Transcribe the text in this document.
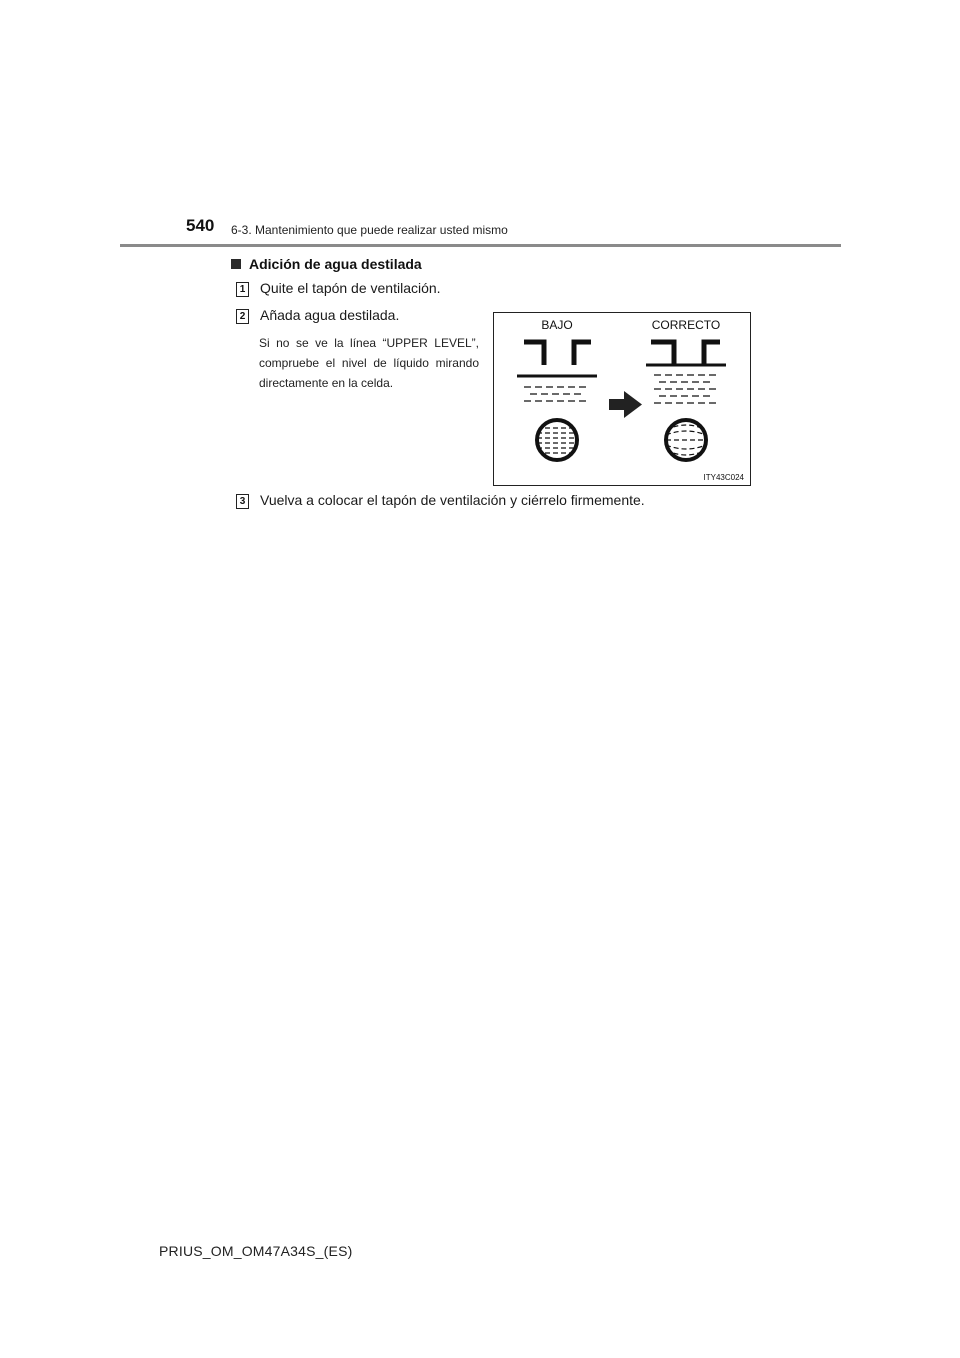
540 6-3. Mantenimiento que puede realizar usted mismo
Adición de agua destilada
1 Quite el tapón de ventilación.
2 Añada agua destilada.
Si no se ve la línea “UPPER LEVEL”, compruebe el nivel de líquido mirando directamente en la celda.
BAJO	CORRECTO
ITY43C024
3 Vuelva a colocar el tapón de ventilación y ciérrelo firmemente.
PRIUS_OM_OM47A34S_(ES)
